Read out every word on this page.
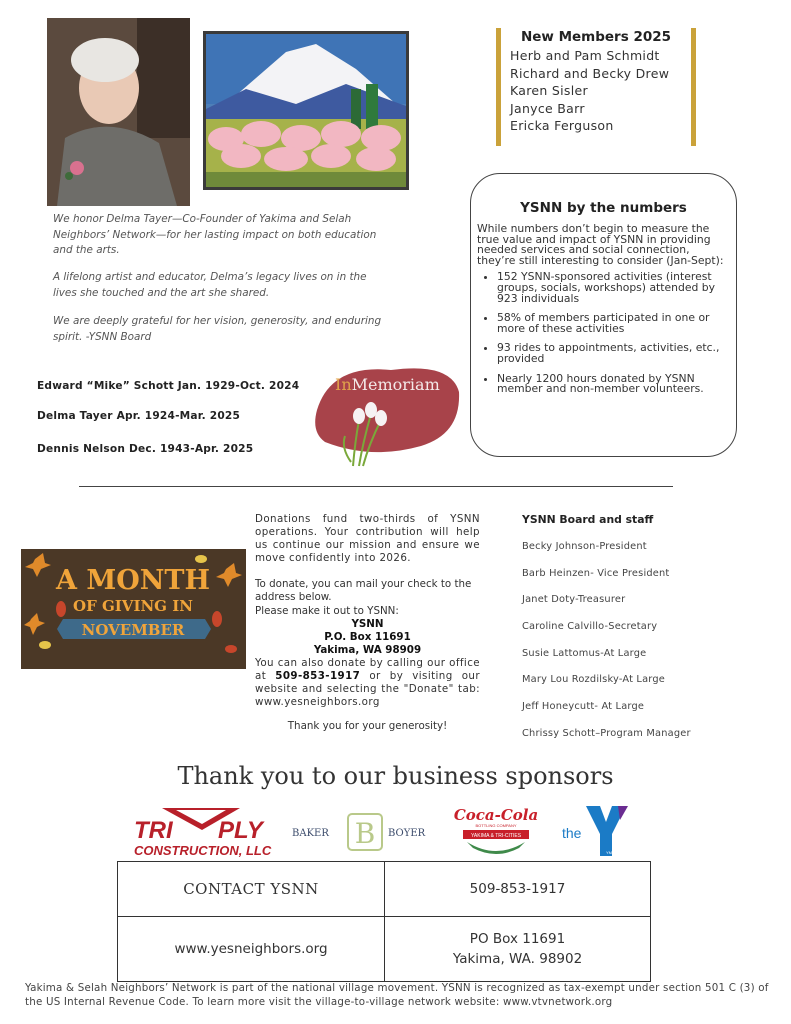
We honor Delma Tayer—Co-Founder of Yakima and Selah Neighbors’ Network—for her lasting impact on both education and the arts.
A lifelong artist and educator, Delma’s legacy lives on in the lives she touched and the art she shared.
We are deeply grateful for her vision, generosity, and enduring spirit. -YSNN Board
New Members 2025
Herb and Pam Schmidt
Richard and Becky Drew
Karen Sisler
Janyce Barr
Ericka Ferguson
YSNN by the numbers

While numbers don’t begin to measure the true value and impact of YSNN in providing needed services and social connection, they’re still interesting to consider (Jan-Sept):

• 152 YSNN-sponsored activities (interest groups, socials, workshops) attended by 923 individuals
• 58% of members participated in one or more of these activities
• 93 rides to appointments, activities, etc., provided
• Nearly 1200 hours donated by YSNN member and non-member volunteers.
Edward “Mike” Schott Jan. 1929-Oct. 2024
Delma Tayer Apr. 1924-Mar. 2025
Dennis Nelson Dec. 1943-Apr. 2025
InMemoriam
A MONTH
OF GIVING IN
NOVEMBER
Donations fund two-thirds of YSNN operations. Your contribution will help us continue our mission and ensure we move confidently into 2026.
To donate, you can mail your check to the address below.
Please make it out to YSNN:
YSNN
P.O. Box 11691
Yakima, WA 98909
You can also donate by calling our office at 509-853-1917 or by visiting our website and selecting the "Donate" tab: www.yesneighbors.org
Thank you for your generosity!
YSNN Board and staff
Becky Johnson-President
Barb Heinzen- Vice President
Janet Doty-Treasurer
Caroline Calvillo-Secretary
Susie Lattomus-At Large
Mary Lou Rozdilsky-At Large
Jeff Honeycutt- At Large
Chrissy Schott–Program Manager
Thank you to our business sponsors
TRI PLY
CONSTRUCTION, LLC
BAKER B BOYER
Coca-Cola
BOTTLING COMPANY
YAKIMA & TRI-CITIES	the
YMCA
CONTACT YSNN	509-853-1917
www.yesneighbors.org
PO Box 11691
Yakima, WA. 98902
Yakima & Selah Neighbors’ Network is part of the national village movement. YSNN is recognized as tax-exempt under section 501 C (3) of the US Internal Revenue Code. To learn more visit the village-to-village network website: www.vtvnetwork.org
